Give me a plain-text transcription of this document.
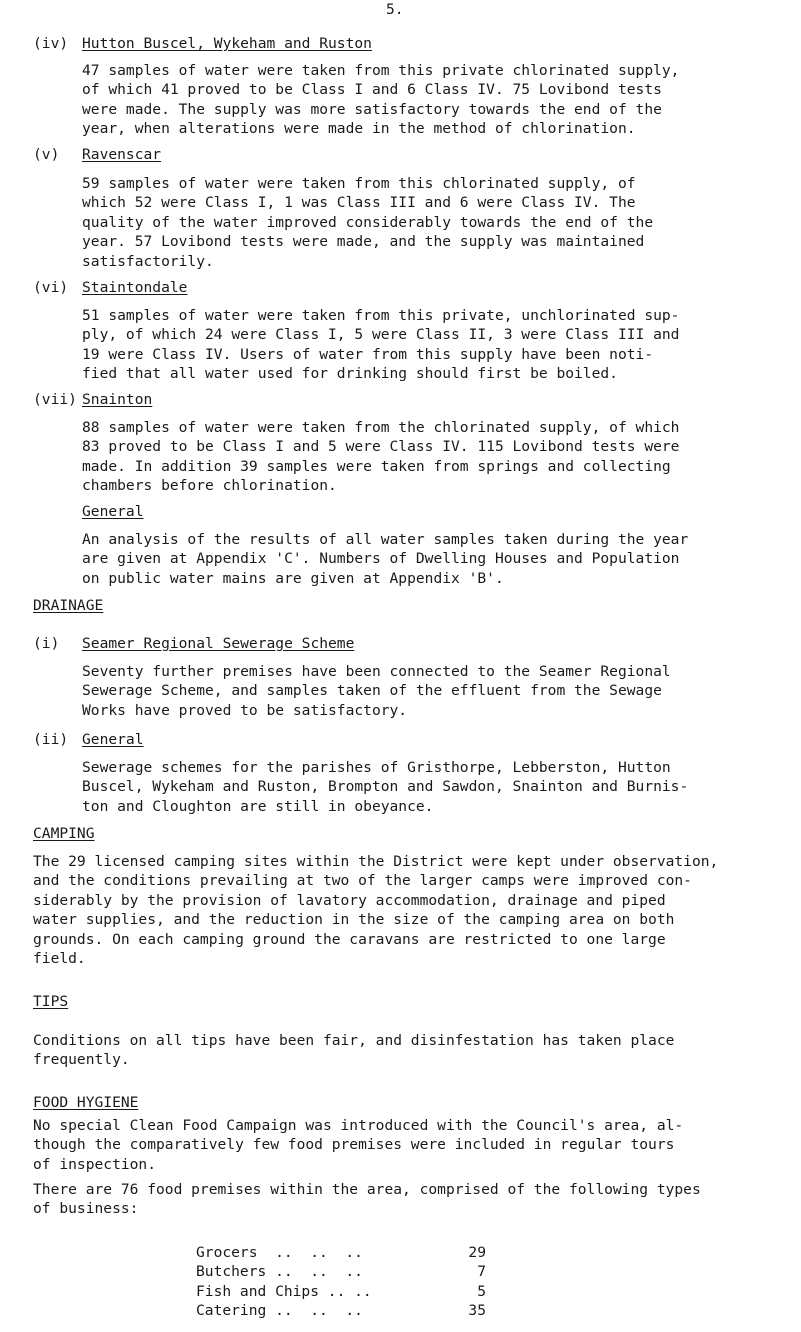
5.
(iv) Hutton Buscel, Wykeham and Ruston

47 samples of water were taken from this private chlorinated supply,
of which 41 proved to be Class I and 6 Class IV. 75 Lovibond tests
were made. The supply was more satisfactory towards the end of the
year, when alterations were made in the method of chlorination.

(v) Ravenscar

59 samples of water were taken from this chlorinated supply, of
which 52 were Class I, 1 was Class III and 6 were Class IV. The
quality of the water improved considerably towards the end of the
year. 57 Lovibond tests were made, and the supply was maintained
satisfactorily.

(vi) Staintondale

51 samples of water were taken from this private, unchlorinated sup-
ply, of which 24 were Class I, 5 were Class II, 3 were Class III and
19 were Class IV. Users of water from this supply have been noti-
fied that all water used for drinking should first be boiled.

(vii) Snainton

88 samples of water were taken from the chlorinated supply, of which
83 proved to be Class I and 5 were Class IV. 115 Lovibond tests were
made. In addition 39 samples were taken from springs and collecting
chambers before chlorination.

General

An analysis of the results of all water samples taken during the year
are given at Appendix 'C'. Numbers of Dwelling Houses and Population
on public water mains are given at Appendix 'B'.

DRAINAGE
(i) Seamer Regional Sewerage Scheme

Seventy further premises have been connected to the Seamer Regional
Sewerage Scheme, and samples taken of the effluent from the Sewage
Works have proved to be satisfactory.

(ii) General

Sewerage schemes for the parishes of Gristhorpe, Lebberston, Hutton
Buscel, Wykeham and Ruston, Brompton and Sawdon, Snainton and Burnis-
ton and Cloughton are still in obeyance.

CAMPING

The 29 licensed camping sites within the District were kept under observation,
and the conditions prevailing at two of the larger camps were improved con-
siderably by the provision of lavatory accommodation, drainage and piped
water supplies, and the reduction in the size of the camping area on both
grounds. On each camping ground the caravans are restricted to one large
field.

TIPS

Conditions on all tips have been fair, and disinfestation has taken place
frequently.

FOOD HYGIENE

No special Clean Food Campaign was introduced with the Council's area, al-
though the comparatively few food premises were included in regular tours
of inspection.

There are 76 food premises within the area, comprised of the following types
of business:

Grocers  ..  ..  ..	29
Butchers ..  ..  ..	7
Fish and Chips .. ..	5
Catering ..  ..  ..	35
